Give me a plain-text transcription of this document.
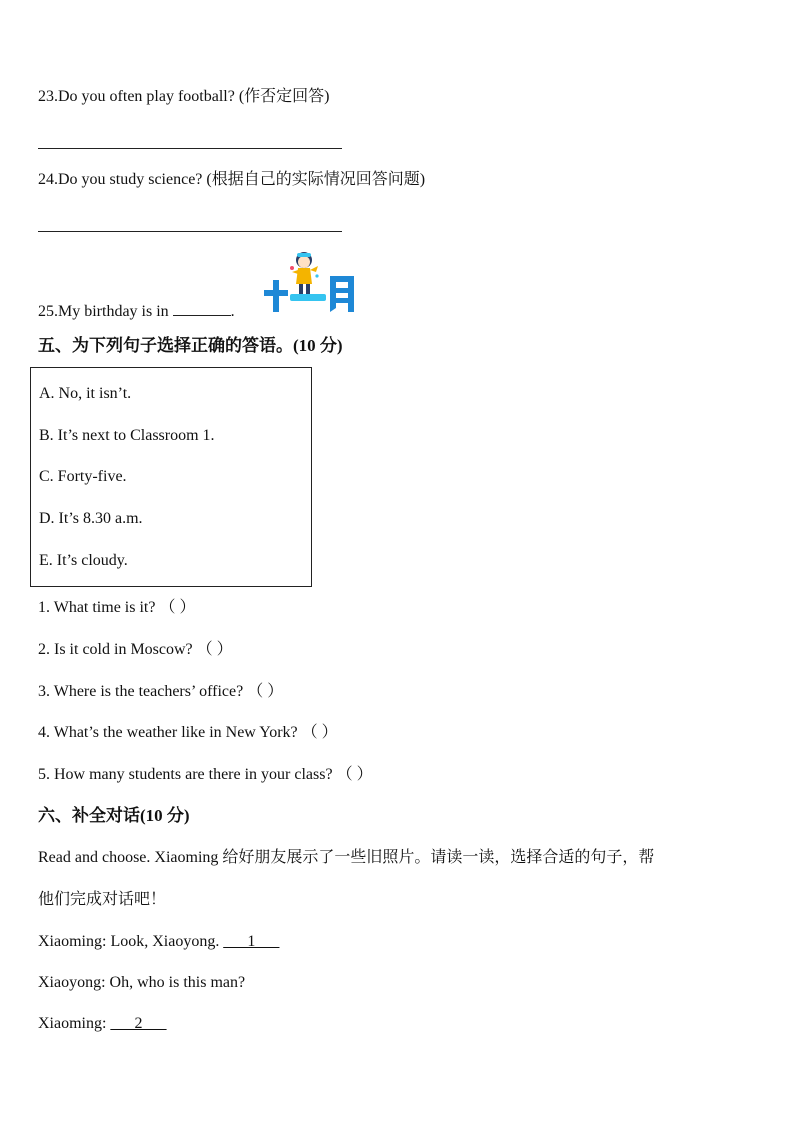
23.Do you often play football? (作否定回答)
24.Do you study science? (根据自己的实际情况回答问题)
25.My birthday is in	.
五、为下列句子选择正确的答语。(10 分)
A. No, it isn’t.
B. It’s next to Classroom 1.
C. Forty-five.
D. It’s 8.30 a.m.
E. It’s cloudy.
1. What time is it? （ ）
2. Is it cold in Moscow? （ ）
3. Where is the teachers’ office? （ ）
4. What’s the weather like in New York? （ ）
5. How many students are there in your class? （ ）
六、补全对话(10 分)
Read and choose. Xiaoming 给好朋友展示了一些旧照片。请读一读，选择合适的句子，帮
他们完成对话吧！
Xiaoming: Look, Xiaoyong. ___1___
Xiaoyong: Oh, who is this man?
Xiaoming: ___2___
